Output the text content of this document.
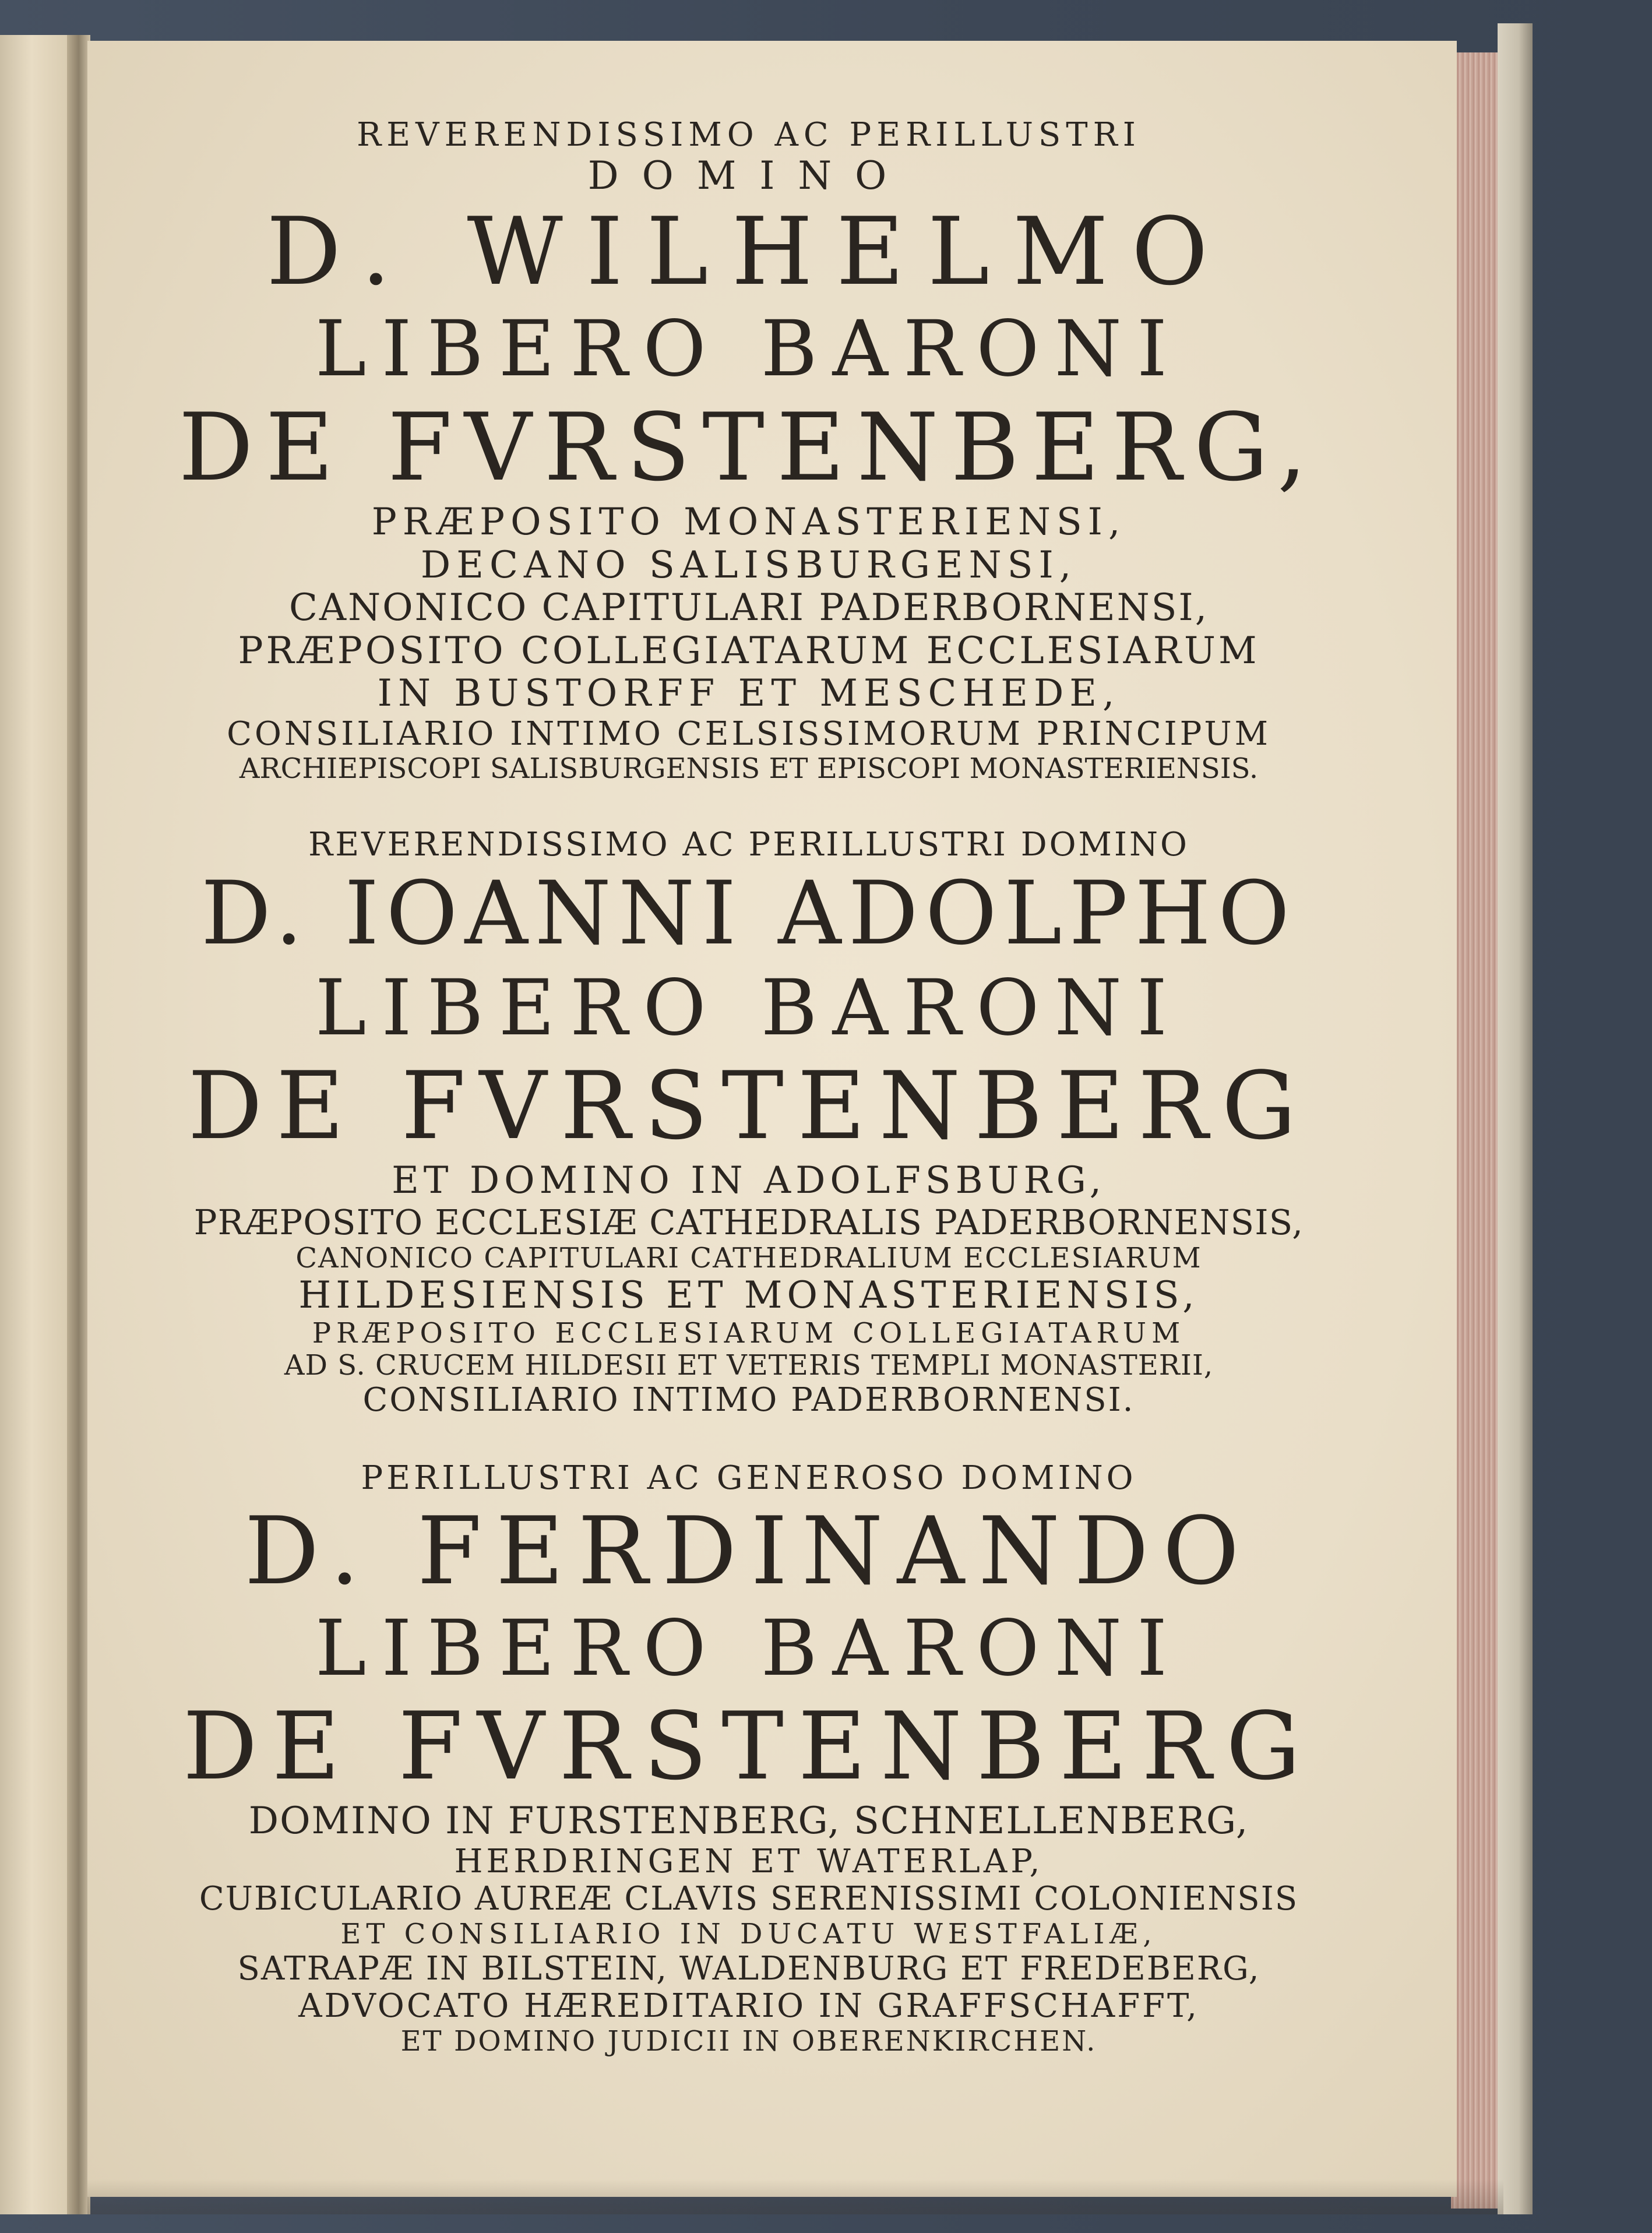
REVERENDISSIMO AC PERILLUSTRI
DOMINO
D. WILHELMO
LIBERO BARONI
DE FVRSTENBERG,
PRÆPOSITO MONASTERIENSI,
DECANO SALISBURGENSI,
CANONICO CAPITULARI PADERBORNENSI,
PRÆPOSITO COLLEGIATARUM ECCLESIARUM
IN BUSTORFF ET MESCHEDE,
CONSILIARIO INTIMO CELSISSIMORUM PRINCIPUM
ARCHIEPISCOPI SALISBURGENSIS ET EPISCOPI MONASTERIENSIS.
REVERENDISSIMO AC PERILLUSTRI DOMINO
D. IOANNI ADOLPHO
LIBERO BARONI
DE FVRSTENBERG
ET DOMINO IN ADOLFSBURG,
PRÆPOSITO ECCLESIÆ CATHEDRALIS PADERBORNENSIS,
CANONICO CAPITULARI CATHEDRALIUM ECCLESIARUM
HILDESIENSIS ET MONASTERIENSIS,
PRÆPOSITO ECCLESIARUM COLLEGIATARUM
AD S. CRUCEM HILDESII ET VETERIS TEMPLI MONASTERII,
CONSILIARIO INTIMO PADERBORNENSI.
PERILLUSTRI AC GENEROSO DOMINO
D. FERDINANDO
LIBERO BARONI
DE FVRSTENBERG
DOMINO IN FURSTENBERG, SCHNELLENBERG,
HERDRINGEN ET WATERLAP,
CUBICULARIO AUREÆ CLAVIS SERENISSIMI COLONIENSIS
ET CONSILIARIO IN DUCATU WESTFALIÆ,
SATRAPÆ IN BILSTEIN, WALDENBURG ET FREDEBERG,
ADVOCATO HÆREDITARIO IN GRAFFSCHAFFT,
ET DOMINO JUDICII IN OBERENKIRCHEN.
